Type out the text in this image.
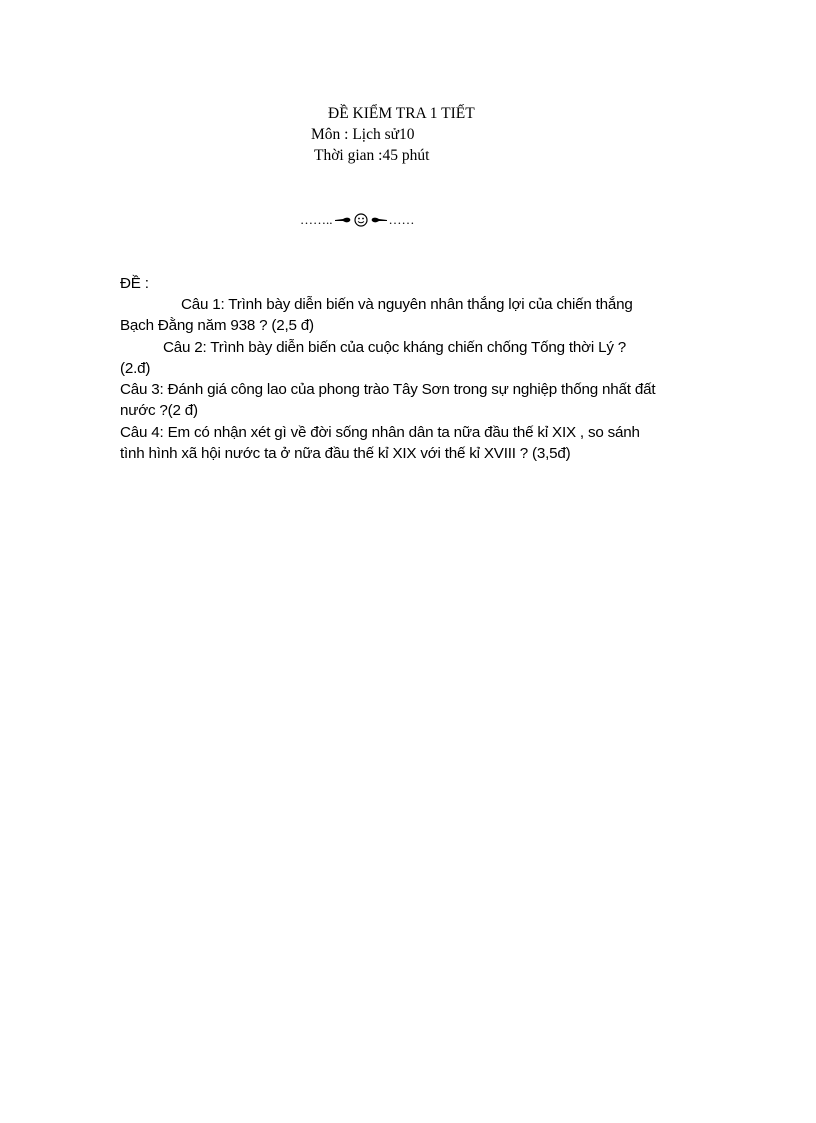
ĐỀ KIỂM TRA 1 TIẾT
Môn : Lịch sử10
Thời gian :45 phút
……..	……
ĐỀ :
Câu 1: Trình bày diễn biến và nguyên nhân thắng lợi của chiến thắng
Bạch Đằng năm 938 ? (2,5 đ)
Câu 2: Trình bày diễn biến của cuộc kháng chiến chống Tống thời Lý ?
(2.đ)
Câu 3: Đánh giá công lao của phong trào Tây Sơn trong sự nghiệp thống nhất đất
nước ?(2 đ)
Câu 4: Em có nhận xét gì về đời sống nhân dân ta nữa đầu thế kỉ XIX , so sánh
tình hình xã hội nước ta ở nữa đầu thế kỉ XIX với thế kỉ XVIII ? (3,5đ)
